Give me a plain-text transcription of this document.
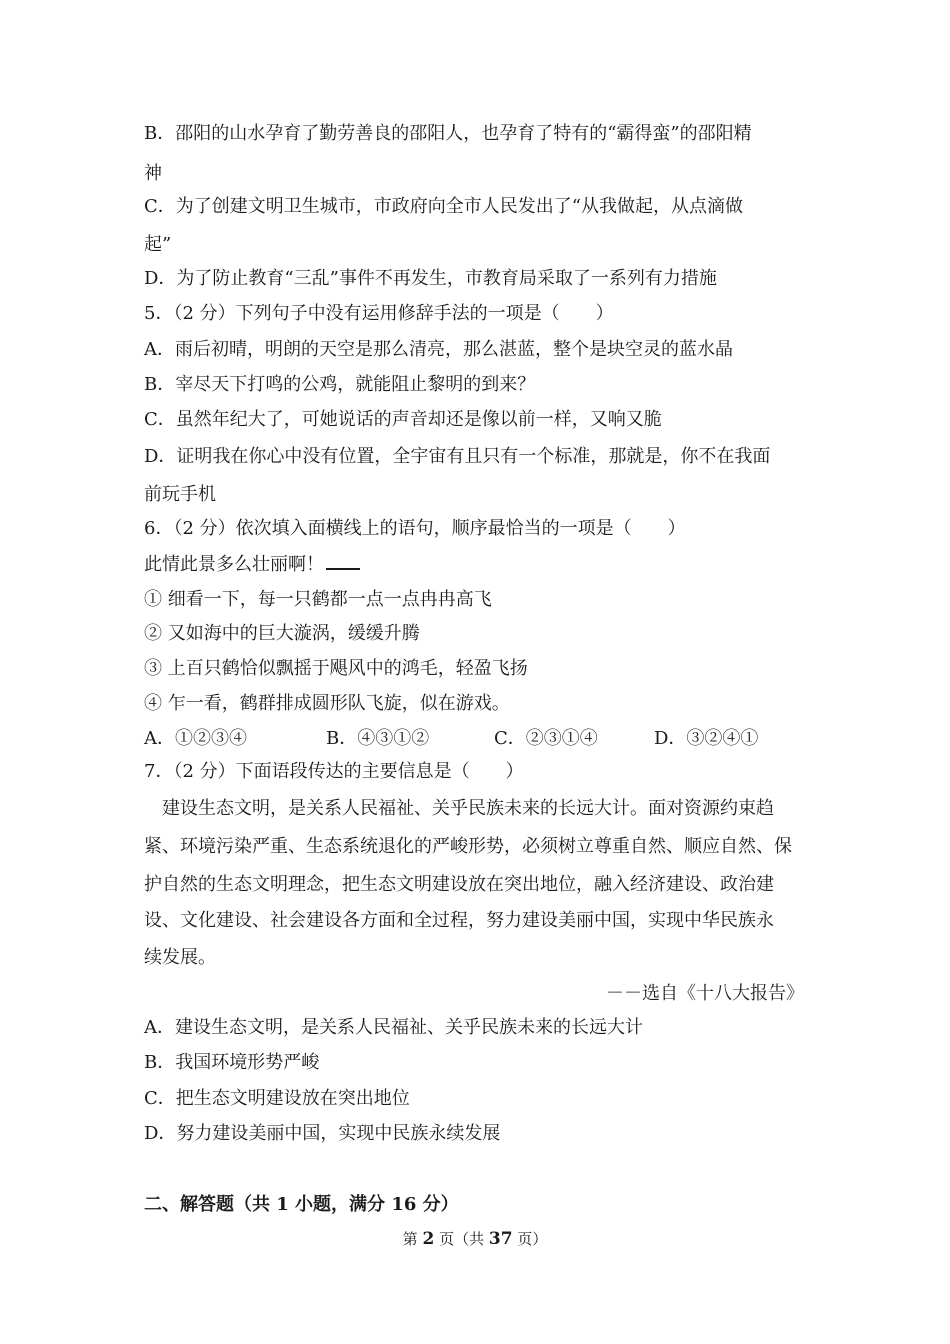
B．邵阳的山水孕育了勤劳善良的邵阳人，也孕育了特有的“霸得蛮”的邵阳精
神
C．为了创建文明卫生城市，市政府向全市人民发出了“从我做起，从点滴做
起”
D．为了防止教育“三乱”事件不再发生，市教育局采取了一系列有力措施
5．（2 分）下列句子中没有运用修辞手法的一项是（　　）
A．雨后初晴，明朗的天空是那么清亮，那么湛蓝，整个是块空灵的蓝水晶
B．宰尽天下打鸣的公鸡，就能阻止黎明的到来？
C．虽然年纪大了，可她说话的声音却还是像以前一样，又响又脆
D．证明我在你心中没有位置，全宇宙有且只有一个标准，那就是，你不在我面
前玩手机
6．（2 分）依次填入面横线上的语句，顺序最恰当的一项是（　　）
此情此景多么壮丽啊！
① 细看一下，每一只鹤都一点一点冉冉高飞
② 又如海中的巨大漩涡，缓缓升腾
③ 上百只鹤恰似飘摇于飓风中的鸿毛，轻盈飞扬
④ 乍一看，鹤群排成圆形队飞旋，似在游戏。
A．①②③④	B．④③①②	C．②③①④	D．③②④①
7．（2 分）下面语段传达的主要信息是（　　）
建设生态文明，是关系人民福祉、关乎民族未来的长远大计。面对资源约束趋
紧、环境污染严重、生态系统退化的严峻形势，必须树立尊重自然、顺应自然、保
护自然的生态文明理念，把生态文明建设放在突出地位，融入经济建设、政治建
设、文化建设、社会建设各方面和全过程，努力建设美丽中国，实现中华民族永
续发展。
－－选自《十八大报告》
A．建设生态文明，是关系人民福祉、关乎民族未来的长远大计
B．我国环境形势严峻
C．把生态文明建设放在突出地位
D．努力建设美丽中国，实现中民族永续发展
二、解答题（共 1 小题，满分 16 分）
第 2 页（共 37 页）
